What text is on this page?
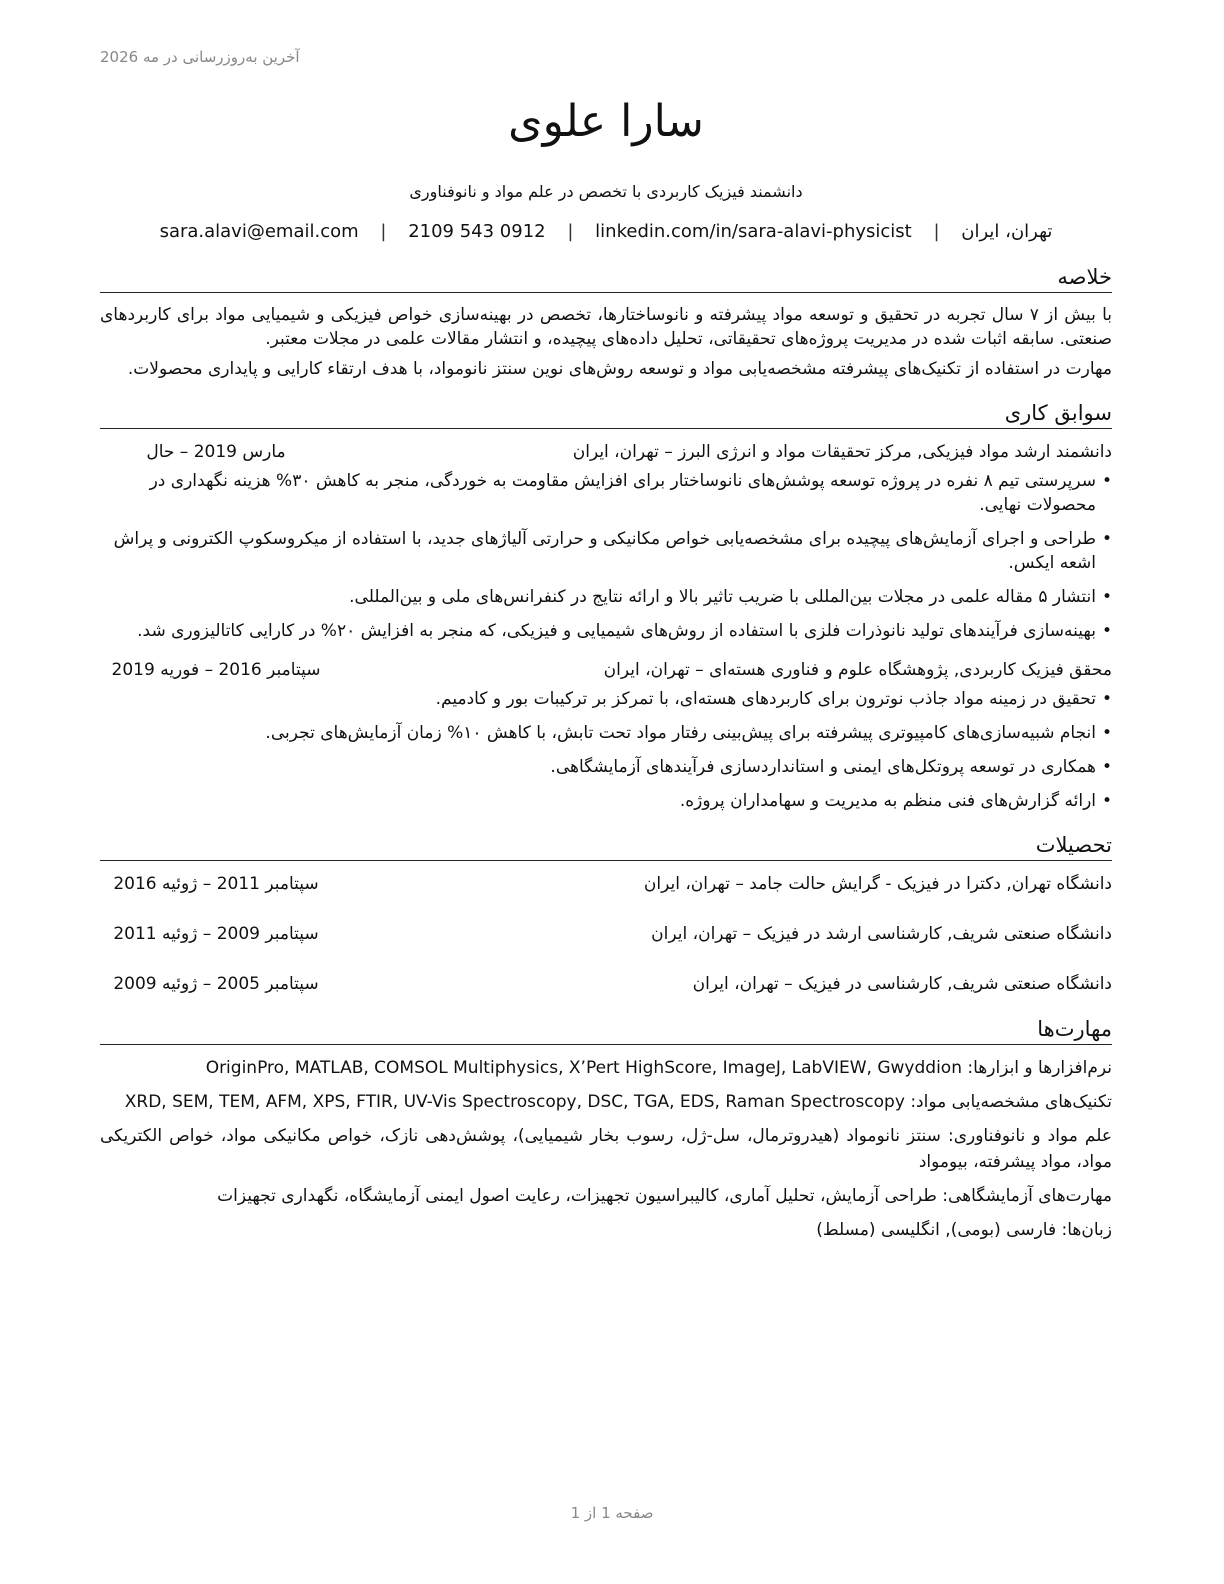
آخرین به‌روزرسانی در مه 2026
سارا علوی
دانشمند فیزیک کاربردی با تخصص در علم مواد و نانوفناوری
تهران، ایران | sara.alavi@email.com | 2109 543 0912 | linkedin.com/in/sara-alavi-physicist
خلاصه

با بیش از ۷ سال تجربه در تحقیق و توسعه مواد پیشرفته و نانوساختارها، تخصص در بهینه‌سازی خواص فیزیکی و شیمیایی مواد برای کاربردهای صنعتی. سابقه اثبات شده در مدیریت پروژه‌های تحقیقاتی، تحلیل داده‌های پیچیده، و انتشار مقالات علمی در مجلات معتبر.

مهارت در استفاده از تکنیک‌های پیشرفته مشخصه‌یابی مواد و توسعه روش‌های نوین سنتز نانومواد، با هدف ارتقاء کارایی و پایداری محصولات.

سوابق کاری
دانشمند ارشد مواد فیزیکی, مرکز تحقیقات مواد و انرژی البرز – تهران، ایران
مارس 2019 – حال
•
سرپرستی تیم ۸ نفره در پروژه توسعه پوشش‌های نانوساختار برای افزایش مقاومت به خوردگی، منجر به کاهش ۳۰% هزینه نگهداری در محصولات نهایی.
•
طراحی و اجرای آزمایش‌های پیچیده برای مشخصه‌یابی خواص مکانیکی و حرارتی آلیاژهای جدید، با استفاده از میکروسکوپ الکترونی و پراش اشعه ایکس.
•
انتشار ۵ مقاله علمی در مجلات بین‌المللی با ضریب تاثیر بالا و ارائه نتایج در کنفرانس‌های ملی و بین‌المللی.
•
بهینه‌سازی فرآیندهای تولید نانوذرات فلزی با استفاده از روش‌های شیمیایی و فیزیکی، که منجر به افزایش ۲۰% در کارایی کاتالیزوری شد.
محقق فیزیک کاربردی, پژوهشگاه علوم و فناوری هسته‌ای – تهران، ایران
سپتامبر 2016 – فوریه 2019
•
تحقیق در زمینه مواد جاذب نوترون برای کاربردهای هسته‌ای، با تمرکز بر ترکیبات بور و کادمیم.
•
انجام شبیه‌سازی‌های کامپیوتری پیشرفته برای پیش‌بینی رفتار مواد تحت تابش، با کاهش ۱۰% زمان آزمایش‌های تجربی.
•
همکاری در توسعه پروتکل‌های ایمنی و استانداردسازی فرآیندهای آزمایشگاهی.
•
ارائه گزارش‌های فنی منظم به مدیریت و سهامداران پروژه.
تحصیلات
دانشگاه تهران, دکترا در فیزیک - گرایش حالت جامد – تهران، ایران
سپتامبر 2011 – ژوئیه 2016
دانشگاه صنعتی شریف, کارشناسی ارشد در فیزیک – تهران، ایران
سپتامبر 2009 – ژوئیه 2011
دانشگاه صنعتی شریف, کارشناسی در فیزیک – تهران، ایران
سپتامبر 2005 – ژوئیه 2009
مهارت‌ها
نرم‌افزارها و ابزارها: OriginPro, MATLAB, COMSOL Multiphysics, X’Pert HighScore, ImageJ, LabVIEW, Gwyddion
تکنیک‌های مشخصه‌یابی مواد: XRD, SEM, TEM, AFM, XPS, FTIR, UV-Vis Spectroscopy, DSC, TGA, EDS, Raman Spectroscopy
علم مواد و نانوفناوری: سنتز نانومواد (هیدروترمال، سل-ژل، رسوب بخار شیمیایی)، پوشش‌دهی نازک، خواص مکانیکی مواد، خواص الکتریکی مواد، مواد پیشرفته، بیومواد
مهارت‌های آزمایشگاهی: طراحی آزمایش، تحلیل آماری، کالیبراسیون تجهیزات، رعایت اصول ایمنی آزمایشگاه، نگهداری تجهیزات
زبان‌ها: فارسی (بومی), انگلیسی (مسلط)
صفحه 1 از 1
